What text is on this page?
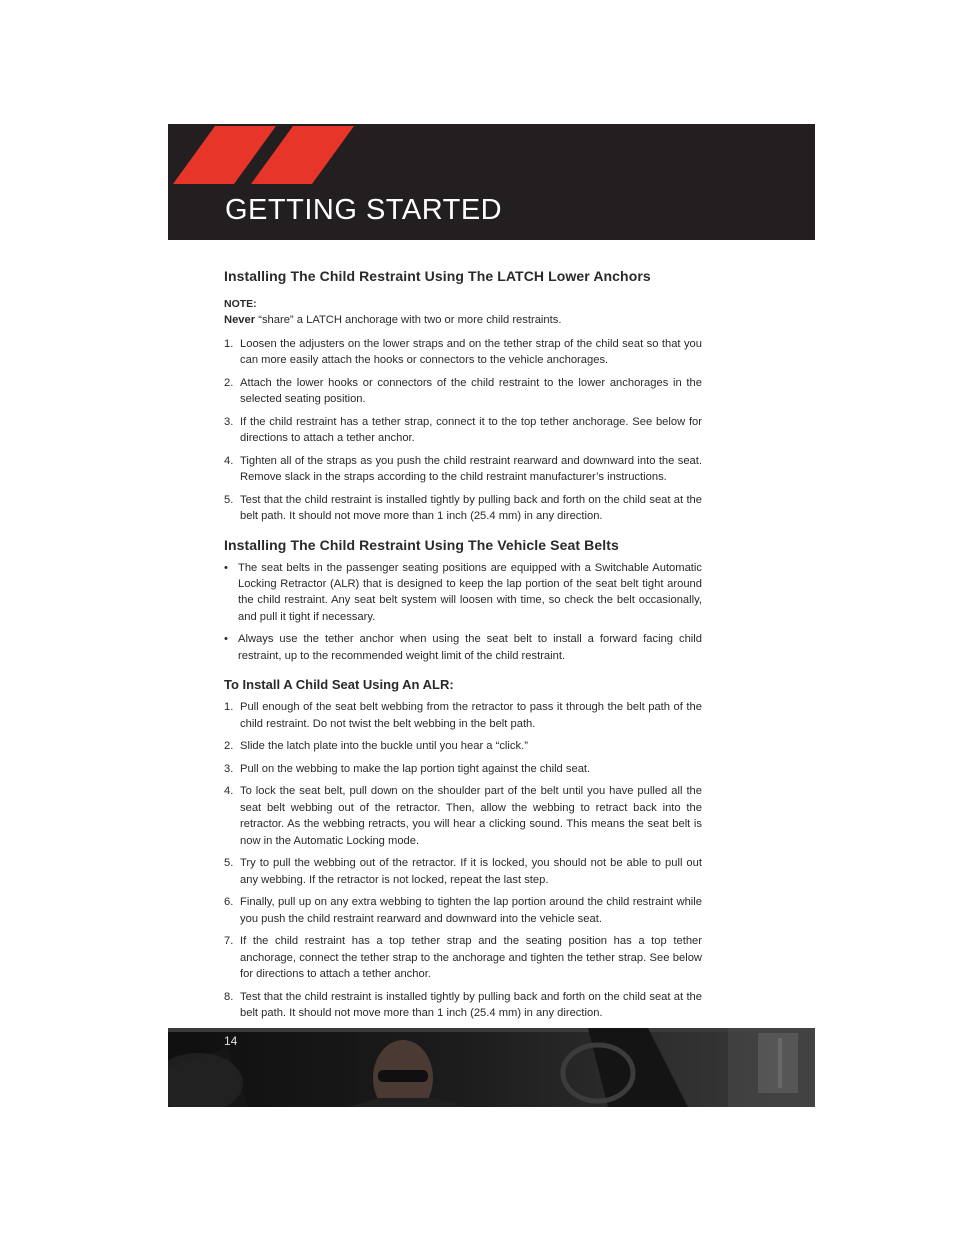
GETTING STARTED
Installing The Child Restraint Using The LATCH Lower Anchors

NOTE:

Never “share” a LATCH anchorage with two or more child restraints.

1. Loosen the adjusters on the lower straps and on the tether strap of the child seat so that you can more easily attach the hooks or connectors to the vehicle anchorages.
2. Attach the lower hooks or connectors of the child restraint to the lower anchorages in the selected seating position.
3. If the child restraint has a tether strap, connect it to the top tether anchorage. See below for directions to attach a tether anchor.
4. Tighten all of the straps as you push the child restraint rearward and downward into the seat. Remove slack in the straps according to the child restraint manufacturer’s instructions.
5. Test that the child restraint is installed tightly by pulling back and forth on the child seat at the belt path. It should not move more than 1 inch (25.4 mm) in any direction.
Installing The Child Restraint Using The Vehicle Seat Belts
• The seat belts in the passenger seating positions are equipped with a Switchable Automatic Locking Retractor (ALR) that is designed to keep the lap portion of the seat belt tight around the child restraint. Any seat belt system will loosen with time, so check the belt occasionally, and pull it tight if necessary.
• Always use the tether anchor when using the seat belt to install a forward facing child restraint, up to the recommended weight limit of the child restraint.
To Install A Child Seat Using An ALR:
1. Pull enough of the seat belt webbing from the retractor to pass it through the belt path of the child restraint. Do not twist the belt webbing in the belt path.
2. Slide the latch plate into the buckle until you hear a “click.”
3. Pull on the webbing to make the lap portion tight against the child seat.
4. To lock the seat belt, pull down on the shoulder part of the belt until you have pulled all the seat belt webbing out of the retractor. Then, allow the webbing to retract back into the retractor. As the webbing retracts, you will hear a clicking sound. This means the seat belt is now in the Automatic Locking mode.
5. Try to pull the webbing out of the retractor. If it is locked, you should not be able to pull out any webbing. If the retractor is not locked, repeat the last step.
6. Finally, pull up on any extra webbing to tighten the lap portion around the child restraint while you push the child restraint rearward and downward into the vehicle seat.
7. If the child restraint has a top tether strap and the seating position has a top tether anchorage, connect the tether strap to the anchorage and tighten the tether strap. See below for directions to attach a tether anchor.
8. Test that the child restraint is installed tightly by pulling back and forth on the child seat at the belt path. It should not move more than 1 inch (25.4 mm) in any direction.
14
